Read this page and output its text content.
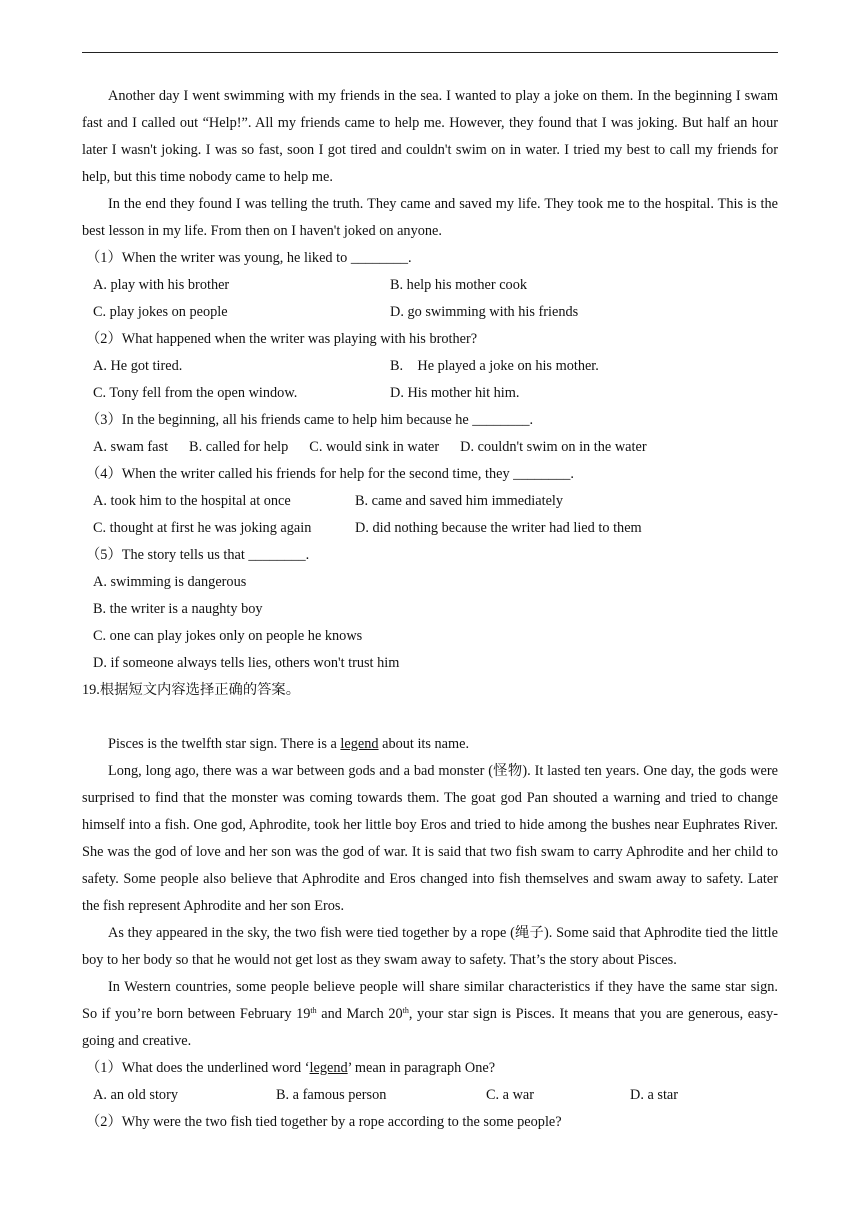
Another day I went swimming with my friends in the sea. I wanted to play a joke on them. In the beginning I swam fast and I called out “Help!”. All my friends came to help me. However, they found that I was joking. But half an hour later I wasn't joking. I was so fast, soon I got tired and couldn't swim on in water. I tried my best to call my friends for help, but this time nobody came to help me.

In the end they found I was telling the truth. They came and saved my life. They took me to the hospital. This is the best lesson in my life. From then on I haven't joked on anyone.

（1）When the writer was young, he liked to ________.

A. play with his brother	B. help his mother cook
C. play jokes on people	D. go swimming with his friends

（2）What happened when the writer was playing with his brother?

A. He got tired.	B.    He played a joke on his mother.
C. Tony fell from the open window.	D. His mother hit him.

（3）In the beginning, all his friends came to help him because he ________.

A. swam fast B. called for help C. would sink in water D. couldn't swim on in the water

（4）When the writer called his friends for help for the second time, they ________.

A. took him to the hospital at once	B. came and saved him immediately
C. thought at first he was joking again	D. did nothing because the writer had lied to them

（5）The story tells us that ________.

A. swimming is dangerous

B. the writer is a naughty boy

C. one can play jokes only on people he knows

D. if someone always tells lies, others won't trust him

19.根据短文内容选择正确的答案。

Pisces is the twelfth star sign. There is a legend about its name.

Long, long ago, there was a war between gods and a bad monster (怪物). It lasted ten years. One day, the gods were surprised to find that the monster was coming towards them. The goat god Pan shouted a warning and tried to change himself into a fish. One god, Aphrodite, took her little boy Eros and tried to hide among the bushes near Euphrates River. She was the god of love and her son was the god of war. It is said that two fish swam to carry Aphrodite and her child to safety. Some people also believe that Aphrodite and Eros changed into fish themselves and swam away to safety. Later the fish represent Aphrodite and her son Eros.

As they appeared in the sky, the two fish were tied together by a rope (绳子). Some said that Aphrodite tied the little boy to her body so that he would not get lost as they swam away to safety. That’s the story about Pisces.

In Western countries, some people believe people will share similar characteristics if they have the same star sign. So if you’re born between February 19th and March 20th, your star sign is Pisces. It means that you are generous, easy-going and creative.

（1）What does the underlined word ‘legend’ mean in paragraph One?

A. an old story	B. a famous person	C. a war	D. a star

（2）Why were the two fish tied together by a rope according to the some people?
